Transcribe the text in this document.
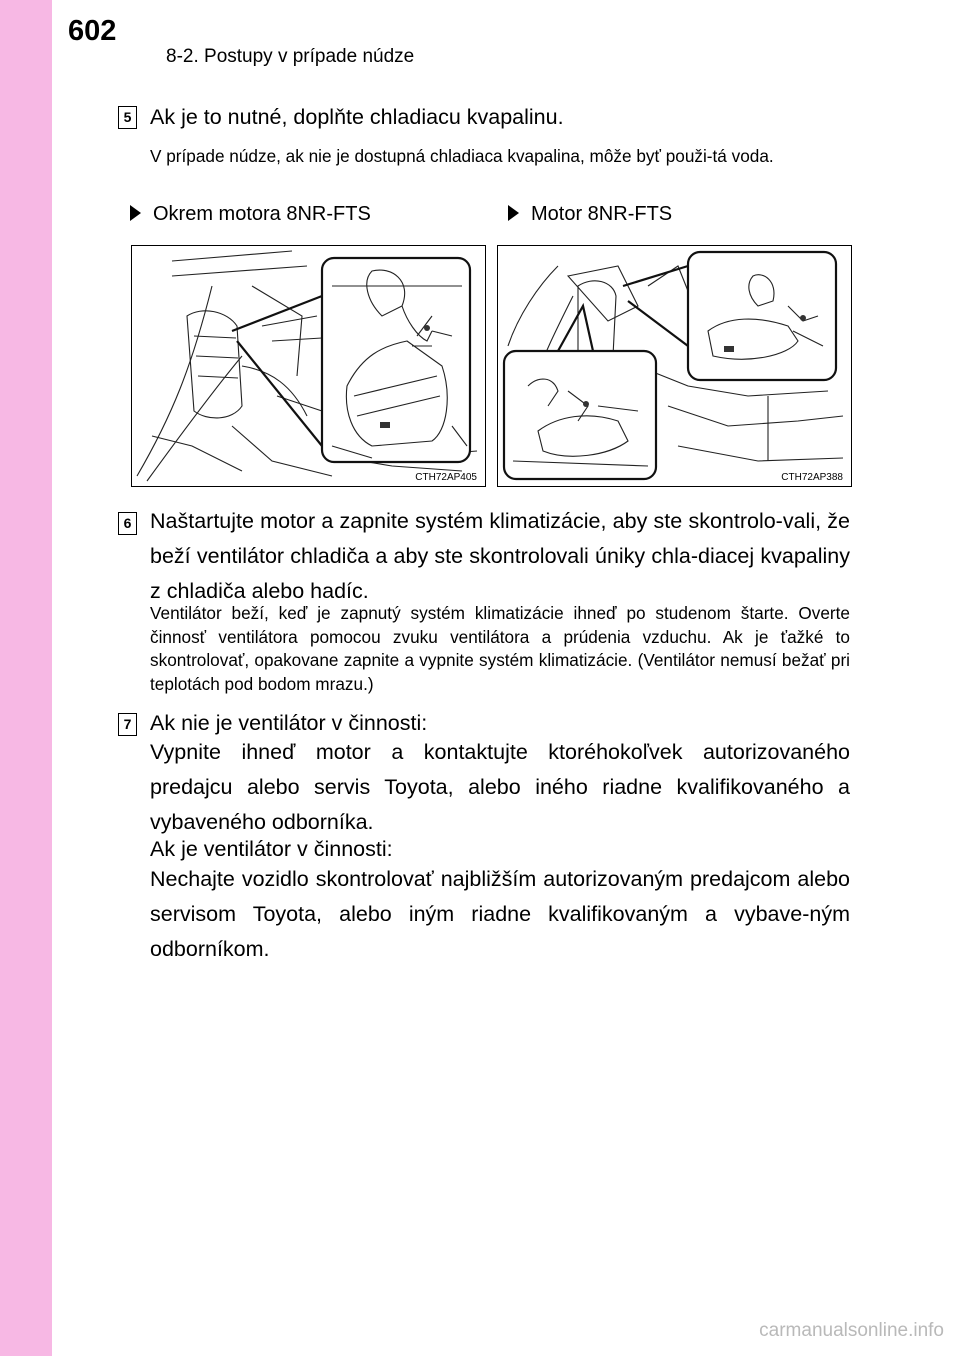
602
8-2. Postupy v prípade núdze
5 Ak je to nutné, doplňte chladiacu kvapalinu.
V prípade núdze, ak nie je dostupná chladiaca kvapalina, môže byť použi-tá voda.
Okrem motora 8NR-FTS	Motor 8NR-FTS
CTH72AP405	CTH72AP388
6 Naštartujte motor a zapnite systém klimatizácie, aby ste skontrolo-vali, že beží ventilátor chladiča a aby ste skontrolovali úniky chla-diacej kvapaliny z chladiča alebo hadíc.
Ventilátor beží, keď je zapnutý systém klimatizácie ihneď po studenom štarte. Overte činnosť ventilátora pomocou zvuku ventilátora a prúdenia vzduchu. Ak je ťažké to skontrolovať, opakovane zapnite a vypnite systém klimatizácie. (Ventilátor nemusí bežať pri teplotách pod bodom mrazu.)
7 Ak nie je ventilátor v činnosti:
Vypnite ihneď motor a kontaktujte ktoréhokoľvek autorizovaného predajcu alebo servis Toyota, alebo iného riadne kvalifikovaného a vybaveného odborníka.
Ak je ventilátor v činnosti:
Nechajte vozidlo skontrolovať najbližším autorizovaným predajcom alebo servisom Toyota, alebo iným riadne kvalifikovaným a vybave-ným odborníkom.
carmanualsonline.info
